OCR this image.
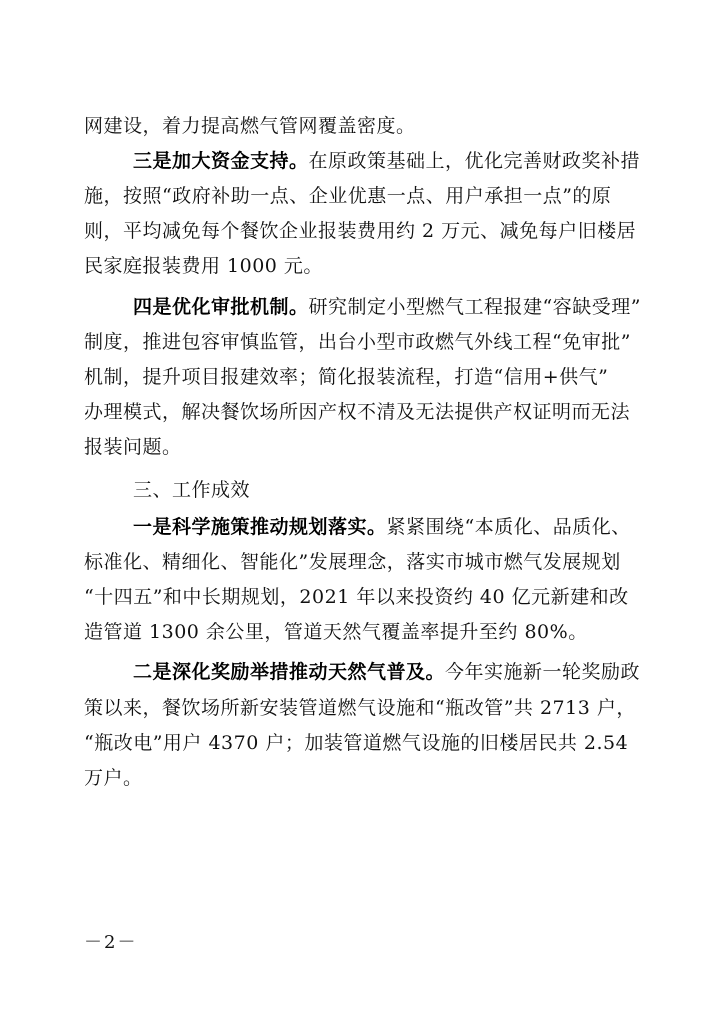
网建设，着力提高燃气管网覆盖密度。
三是加大资金支持。在原政策基础上，优化完善财政奖补措
施，按照“政府补助一点、企业优惠一点、用户承担一点”的原
则，平均减免每个餐饮企业报装费用约 2 万元、减免每户旧楼居
民家庭报装费用 1000 元。
四是优化审批机制。研究制定小型燃气工程报建“容缺受理”
制度，推进包容审慎监管，出台小型市政燃气外线工程“免审批”
机制，提升项目报建效率；简化报装流程，打造“信用+供气”
办理模式，解决餐饮场所因产权不清及无法提供产权证明而无法
报装问题。
三、工作成效
一是科学施策推动规划落实。紧紧围绕“本质化、品质化、
标准化、精细化、智能化”发展理念，落实市城市燃气发展规划
“十四五”和中长期规划，2021 年以来投资约 40 亿元新建和改
造管道 1300 余公里，管道天然气覆盖率提升至约 80%。
二是深化奖励举措推动天然气普及。今年实施新一轮奖励政
策以来，餐饮场所新安装管道燃气设施和“瓶改管”共 2713 户，
“瓶改电”用户 4370 户；加装管道燃气设施的旧楼居民共 2.54
万户。
－2－
